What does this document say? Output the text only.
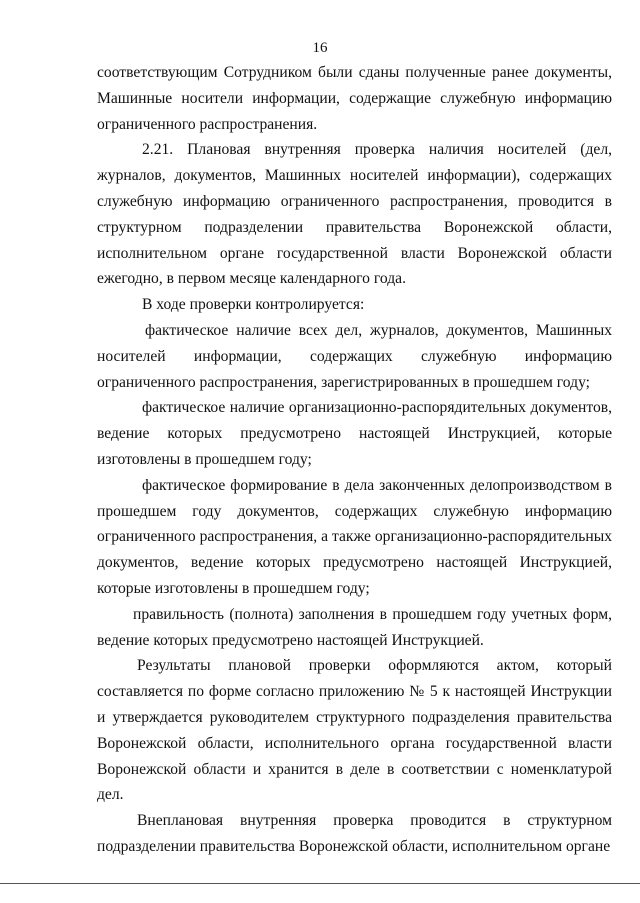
16

соответствующим Сотрудником были сданы полученные ранее документы, Машинные носители информации, содержащие служебную информацию ограниченного распространения.

2.21. Плановая внутренняя проверка наличия носителей (дел, журналов, документов, Машинных носителей информации), содержащих служебную информацию ограниченного распространения, проводится в структурном подразделении правительства Воронежской области, исполнительном органе государственной власти Воронежской области ежегодно, в первом месяце календарного года.

В ходе проверки контролируется:

фактическое наличие всех дел, журналов, документов, Машинных носителей информации, содержащих служебную информацию ограниченного распространения, зарегистрированных в прошедшем году;

фактическое наличие организационно-распорядительных документов, ведение которых предусмотрено настоящей Инструкцией, которые изготовлены в прошедшем году;

фактическое формирование в дела законченных делопроизводством в прошедшем году документов, содержащих служебную информацию ограниченного распространения, а также организационно-распорядительных документов, ведение которых предусмотрено настоящей Инструкцией, которые изготовлены в прошедшем году;

правильность (полнота) заполнения в прошедшем году учетных форм, ведение которых предусмотрено настоящей Инструкцией.

Результаты плановой проверки оформляются актом, который составляется по форме согласно приложению № 5 к настоящей Инструкции и утверждается руководителем структурного подразделения правительства Воронежской области, исполнительного органа государственной власти Воронежской области и хранится в деле в соответствии с номенклатурой дел.

Внеплановая внутренняя проверка проводится в структурном подразделении правительства Воронежской области, исполнительном органе
